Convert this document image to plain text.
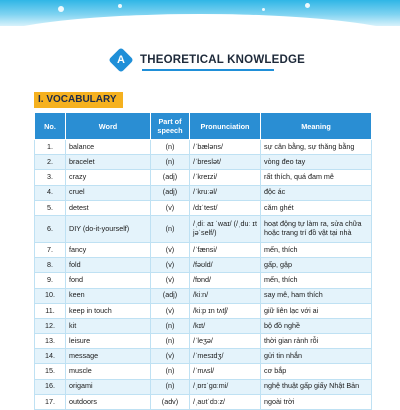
A THEORETICAL KNOWLEDGE
I. VOCABULARY
No.	Word	Part of speech	Pronunciation	Meaning
1.	balance	(n)	/ˈbæləns/	sự cân bằng, sự thăng bằng
2.	bracelet	(n)	/ˈbreslət/	vòng đeo tay
3.	crazy	(adj)	/ˈkreɪzi/	rất thích, quá đam mê
4.	cruel	(adj)	/ˈkruːəl/	độc ác
5.	detest	(v)	/dɪˈtest/	căm ghét
6.	DIY (do-it-yourself)	(n)	/ˌdiː aɪ ˈwaɪ/ (/ˌduː ɪt jəˈself/)	hoạt động tự làm ra, sửa chữa hoặc trang trí đồ vật tại nhà
7.	fancy	(v)	/ˈfænsi/	mến, thích
8.	fold	(v)	/fəʊld/	gấp, gập
9.	fond	(v)	/fɒnd/	mến, thích
10.	keen	(adj)	/kiːn/	say mê, ham thích
11.	keep in touch	(v)	/kiːp ɪn tʌtʃ/	giữ liên lạc với ai
12.	kit	(n)	/kɪt/	bộ đồ nghề
13.	leisure	(n)	/ˈleʒə/	thời gian rảnh rỗi
14.	message	(v)	/ˈmesɪdʒ/	gửi tin nhắn
15.	muscle	(n)	/ˈmʌsl/	cơ bắp
16.	origami	(n)	/ˌɒrɪˈɡɑːmi/	nghệ thuật gấp giấy Nhật Bản
17.	outdoors	(adv)	/ˌaʊtˈdɔːz/	ngoài trời
